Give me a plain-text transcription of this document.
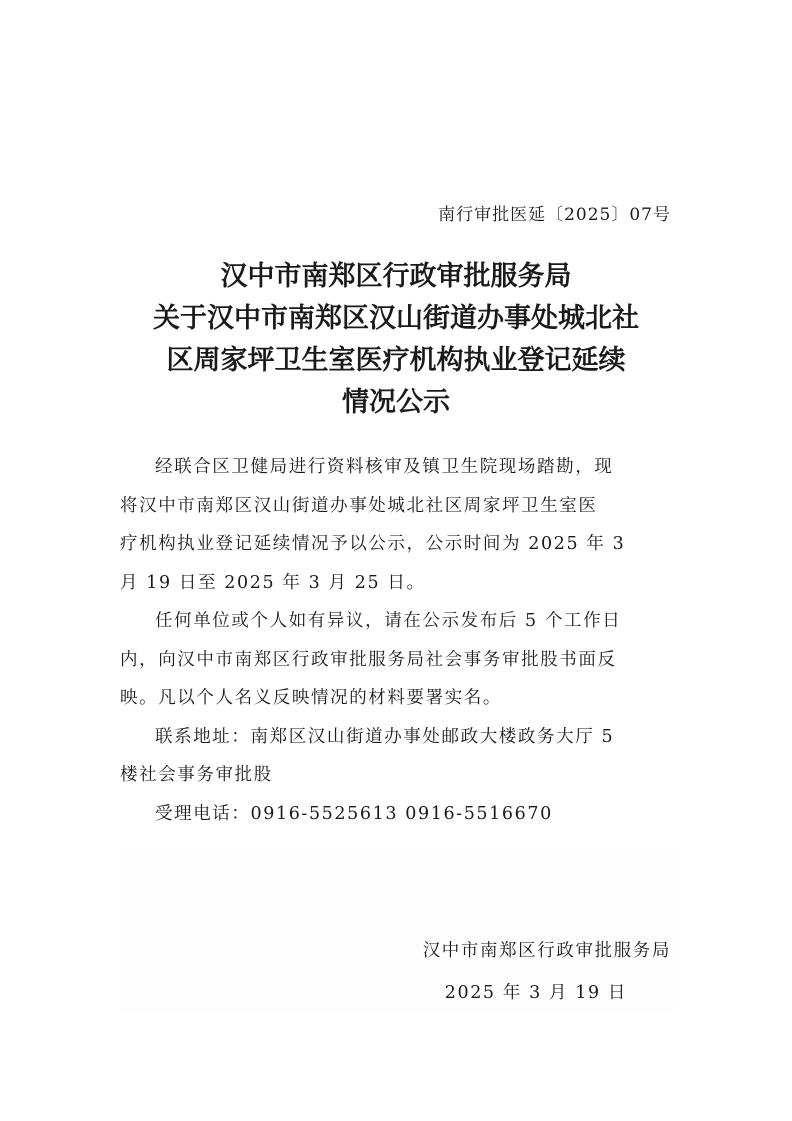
南行审批医延〔2025〕07号
汉中市南郑区行政审批服务局
关于汉中市南郑区汉山街道办事处城北社
区周家坪卫生室医疗机构执业登记延续
情况公示
经联合区卫健局进行资料核审及镇卫生院现场踏勘，现
将汉中市南郑区汉山街道办事处城北社区周家坪卫生室医
疗机构执业登记延续情况予以公示，公示时间为 2025 年 3
月 19 日至 2025 年 3 月 25 日。
任何单位或个人如有异议，请在公示发布后 5 个工作日
内，向汉中市南郑区行政审批服务局社会事务审批股书面反
映。凡以个人名义反映情况的材料要署实名。
联系地址：南郑区汉山街道办事处邮政大楼政务大厅 5
楼社会事务审批股
受理电话：0916-5525613 0916-5516670
汉中市南郑区行政审批服务局
2025 年 3 月 19 日
